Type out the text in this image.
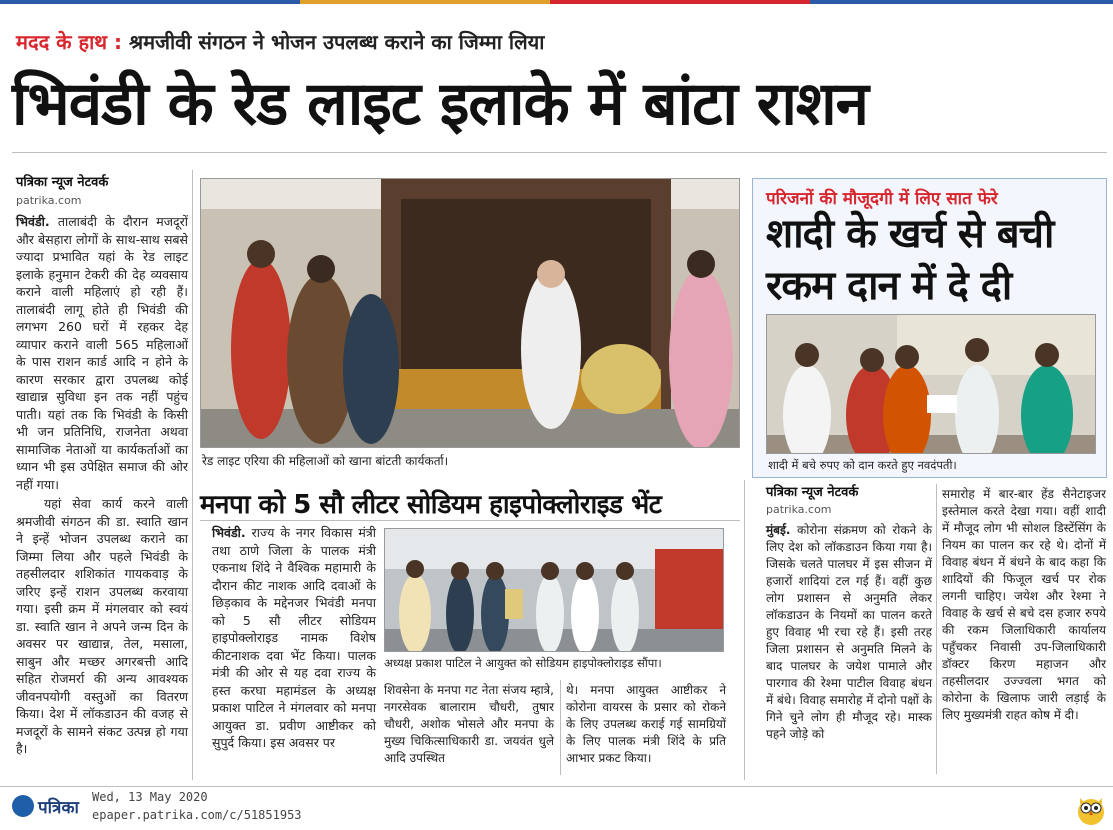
मदद के हाथ : श्रमजीवी संगठन ने भोजन उपलब्ध कराने का जिम्मा लिया
भिवंडी के रेड लाइट इलाके में बांटा राशन
पत्रिका न्यूज नेटवर्क
patrika.com
भिवंडी. तालाबंदी के दौरान मजदूरों और बेसहारा लोगों के साथ-साथ सबसे ज्यादा प्रभावित यहां के रेड लाइट इलाके हनुमान टेकरी की देह व्यवसाय कराने वाली महिलाएं हो रही हैं। तालाबंदी लागू होते ही भिवंडी की लगभग 260 घरों में रहकर देह व्यापार कराने वाली 565 महिलाओं के पास राशन कार्ड आदि न होने के कारण सरकार द्वारा उपलब्ध कोई खाद्यान्न सुविधा इन तक नहीं पहुंच पाती। यहां तक कि भिवंडी के किसी भी जन प्रतिनिधि, राजनेता अथवा सामाजिक नेताओं या कार्यकर्ताओं का ध्यान भी इस उपेक्षित समाज की ओर नहीं गया।
यहां सेवा कार्य करने वाली श्रमजीवी संगठन की डा. स्वाति खान ने इन्हें भोजन उपलब्ध कराने का जिम्मा लिया और पहले भिवंडी के तहसीलदार शशिकांत गायकवाड़ के जरिए इन्हें राशन उपलब्ध करवाया गया। इसी क्रम में मंगलवार को स्वयं डा. स्वाति खान ने अपने जन्म दिन के अवसर पर खाद्यान्न, तेल, मसाला, साबुन और मच्छर अगरबत्ती आदि सहित रोजमर्रा की अन्य आवश्यक जीवनपयोगी वस्तुओं का वितरण किया। देश में लॉकडाउन की वजह से मजदूरों के सामने संकट उत्पन्न हो गया है।
रेड लाइट एरिया की महिलाओं को खाना बांटती कार्यकर्ता।
मनपा को 5 सौ लीटर सोडियम हाइपोक्लोराइड भेंट
भिवंडी. राज्य के नगर विकास मंत्री तथा ठाणे जिला के पालक मंत्री एकनाथ शिंदे ने वैश्विक महामारी के दौरान कीट नाशक आदि दवाओं के छिड़काव के मद्देनजर भिवंडी मनपा को 5 सौ लीटर सोडियम हाइपोक्लोराइड नामक विशेष कीटनाशक दवा भेंट किया। पालक मंत्री की ओर से यह दवा राज्य के हस्त करघा महामंडल के अध्यक्ष प्रकाश पाटिल ने मंगलवार को मनपा आयुक्त डा. प्रवीण आष्टीकर को सुपुर्द किया। इस अवसर पर
अध्यक्ष प्रकाश पाटिल ने आयुक्त को सोडियम हाइपोक्लोराइड सौंपा।
शिवसेना के मनपा गट नेता संजय म्हात्रे, नगरसेवक बालाराम चौधरी, तुषार चौधरी, अशोक भोसले और मनपा के मुख्य चिकित्साधिकारी डा. जयवंत धुले आदि उपस्थित
थे। मनपा आयुक्त आष्टीकर ने कोरोना वायरस के प्रसार को रोकने के लिए उपलब्ध कराई गई सामग्रियों के लिए पालक मंत्री शिंदे के प्रति आभार प्रकट किया।
परिजनों की मौजूदगी में लिए सात फेरे
शादी के खर्च से बची रकम दान में दे दी
शादी में बचे रुपए को दान करते हुए नवदंपती।
पत्रिका न्यूज नेटवर्क
patrika.com
मुंबई. कोरोना संक्रमण को रोकने के लिए देश को लॉकडाउन किया गया है। जिसके चलते पालघर में इस सीजन में हजारों शादियां टल गई हैं। वहीं कुछ लोग प्रशासन से अनुमति लेकर लॉकडाउन के नियमों का पालन करते हुए विवाह भी रचा रहे हैं। इसी तरह जिला प्रशासन से अनुमति मिलने के बाद पालघर के जयेश पामाले और पारगाव की रेश्मा पाटील विवाह बंधन में बंधे। विवाह समारोह में दोनो पक्षों के गिने चुने लोग ही मौजूद रहे। मास्क पहने जोड़े को
समारोह में बार-बार हेंड सैनेटाइजर इस्तेमाल करते देखा गया। वहीं शादी में मौजूद लोग भी सोशल डिस्टेंसिंग के नियम का पालन कर रहे थे। दोनों में विवाह बंधन में बंधने के बाद कहा कि शादियों की फिजूल खर्च पर रोक लगनी चाहिए। जयेश और रेश्मा ने विवाह के खर्च से बचे दस हजार रुपये की रकम जिलाधिकारी कार्यालय पहुँचकर निवासी उप-जिलाधिकारी डॉक्टर किरण महाजन और तहसीलदार उज्ज्वला भगत को कोरोना के खिलाफ जारी लड़ाई के लिए मुख्यमंत्री राहत कोष में दी।
पत्रिका
Wed, 13 May 2020
epaper.patrika.com/c/51851953
